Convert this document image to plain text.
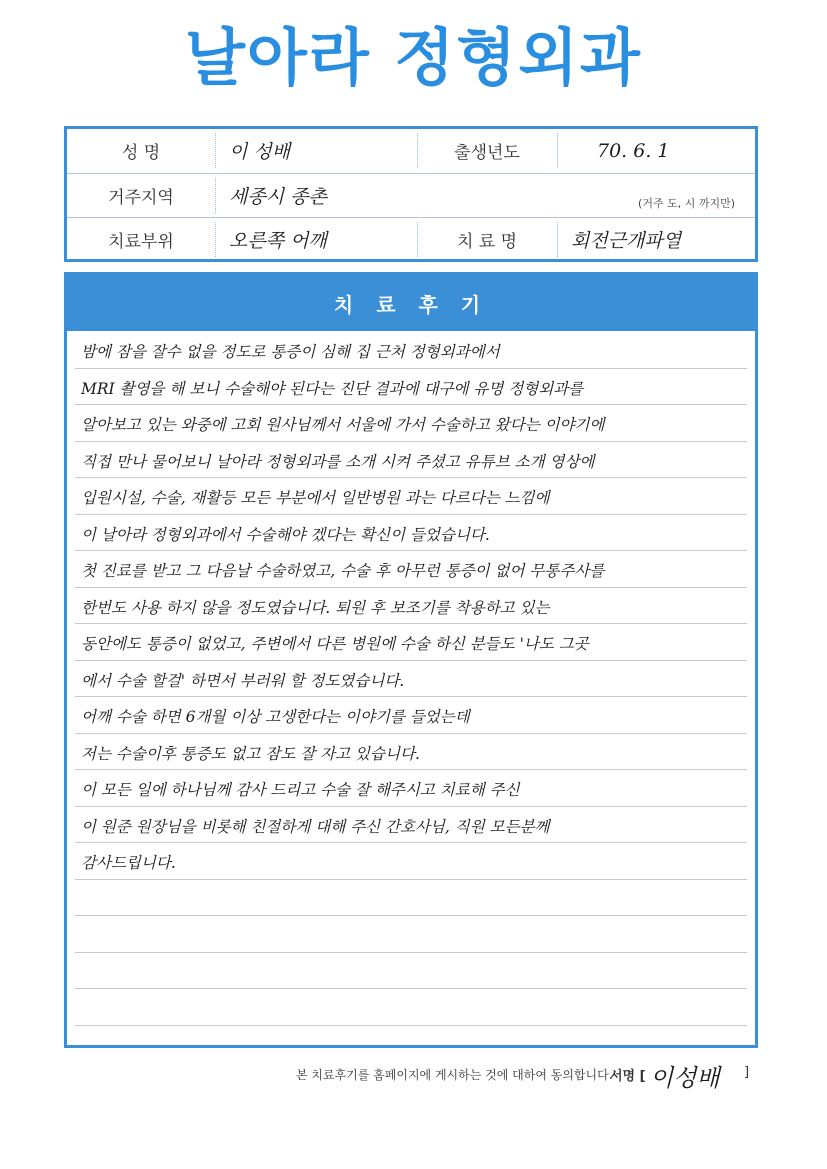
날아라 정형외과
성 명	이 성배	출생년도	70. 6. 1
거주지역	세종시 종촌	(거주 도, 시 까지만)
치료부위	오른쪽 어깨	치 료 명	회전근개파열
치 료 후 기
밤에 잠을 잘수 없을 정도로 통증이 심해 집 근처 정형외과에서
MRI 촬영을 해 보니 수술해야 된다는 진단 결과에 대구에 유명 정형외과를
알아보고 있는 와중에 고회 원사님께서 서울에 가서 수술하고 왔다는 이야기에
직접 만나 물어보니 날아라 정형외과를 소개 시켜 주셨고 유튜브 소개 영상에
입원시설, 수술, 재활등 모든 부분에서 일반병원 과는 다르다는 느낌에
이 날아라 정형외과에서 수술해야 겠다는 확신이 들었습니다.
첫 진료를 받고 그 다음날 수술하였고, 수술 후 아무런 통증이 없어 무통주사를
한번도 사용 하지 않을 정도였습니다. 퇴원 후 보조기를 착용하고 있는
동안에도 통증이 없었고, 주변에서 다른 병원에 수술 하신 분들도 '나도 그곳
에서 수술 할걸' 하면서 부러워 할 정도였습니다.
어깨 수술 하면 6개월 이상 고생한다는 이야기를 들었는데
저는 수술이후 통증도 없고 잠도 잘 자고 있습니다.
이 모든 일에 하나님께 감사 드리고 수술 잘 해주시고 치료해 주신
이 원준 원장님을 비롯해 친절하게 대해 주신 간호사님, 직원 모든분께
감사드립니다.
본 치료후기를 홈페이지에 게시하는 것에 대하여 동의합니다.
서명 [ 이성배 ]
